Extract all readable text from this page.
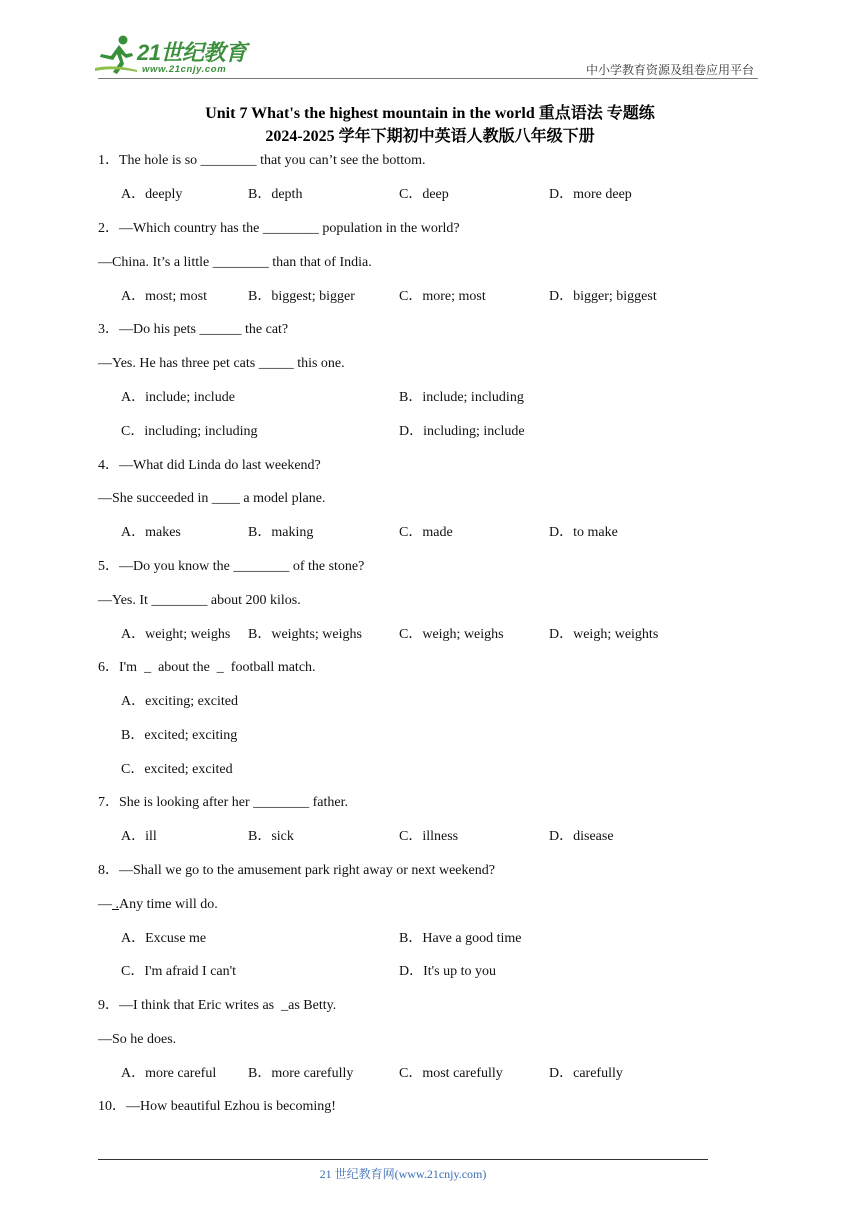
21世纪教育
www.21cnjy.com	中小学教育资源及组卷应用平台
Unit 7 What's the highest mountain in the world 重点语法 专题练
2024-2025 学年下期初中英语人教版八年级下册
1．The hole is so ________ that you can’t see the bottom.
A．deeply	B．depth	C．deep	D．more deep
2．—Which country has the ________ population in the world?
—China. It’s a little ________ than that of India.
A．most; most	B．biggest; bigger	C．more; most	D．bigger; biggest
3．—Do his pets ______ the cat?
—Yes. He has three pet cats _____ this one.
A．include; include	B．include; including
C．including; including	D．including; include
4．—What did Linda do last weekend?
—She succeeded in ____ a model plane.
A．makes	B．making	C．made	D．to make
5．—Do you know the ________ of the stone?
—Yes. It ________ about 200 kilos.
A．weight; weighs B．weights; weighs	C．weigh; weighs	D．weigh; weights
6．I'm  _  about the  _  football match.
A．exciting; excited
B．excited; exciting
C．excited; excited
7．She is looking after her ________ father.
A．ill	B．sick	C．illness	D．disease
8．—Shall we go to the amusement park right away or next weekend?
— .Any time will do.
A．Excuse me	B．Have a good time
C．I'm afraid I can't	D．It's up to you
9．—I think that Eric writes as  _as Betty.
—So he does.
A．more careful B．more carefully	C．most carefully	D．carefully
10．—How beautiful Ezhou is becoming!
21 世纪教育网(www.21cnjy.com)
